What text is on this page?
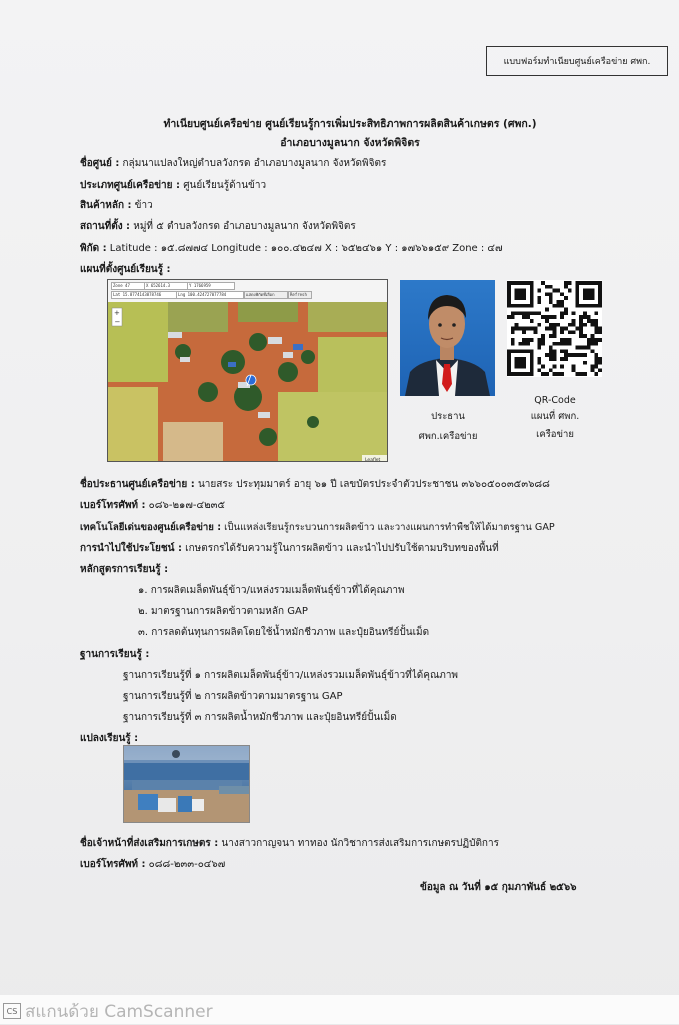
แบบฟอร์มทำเนียบศูนย์เครือข่าย ศพก.
ทำเนียบศูนย์เครือข่าย ศูนย์เรียนรู้การเพิ่มประสิทธิภาพการผลิตสินค้าเกษตร (ศพก.)
อำเภอบางมูลนาก จังหวัดพิจิตร
ชื่อศูนย์ : กลุ่มนาแปลงใหญ่ตำบลวังกรด อำเภอบางมูลนาก จังหวัดพิจิตร
ประเภทศูนย์เครือข่าย : ศูนย์เรียนรู้ด้านข้าว
สินค้าหลัก : ข้าว
สถานที่ตั้ง : หมู่ที่ ๕ ตำบลวังกรด อำเภอบางมูลนาก จังหวัดพิจิตร
พิกัด : Latitude : ๑๕.๘๗๗๔ Longitude : ๑๐๐.๔๒๔๗ X : ๖๕๒๔๖๑ Y : ๑๗๖๖๑๕๙ Zone : ๔๗
แผนที่ตั้งศูนย์เรียนรู้ :
Zone 47	X 652614.3	Y 1766959
Lat 15.8774143878746	Lng 100.424727077784	แสดงพิกัดที่เลือก	Refresh
Leaflet
+
−
ประธาน
ศพก.เครือข่าย
QR-Code
แผนที่ ศพก.
เครือข่าย
ชื่อประธานศูนย์เครือข่าย : นายสระ ประทุมมาตร์ อายุ ๖๑ ปี เลขบัตรประจำตัวประชาชน ๓๖๖๐๕๐๐๓๕๓๖๘๘
เบอร์โทรศัพท์ : ๐๘๖-๒๑๗-๔๒๓๕
เทคโนโลยีเด่นของศูนย์เครือข่าย : เป็นแหล่งเรียนรู้กระบวนการผลิตข้าว และวางแผนการทำพืชให้ได้มาตรฐาน GAP
การนำไปใช้ประโยชน์ : เกษตรกรได้รับความรู้ในการผลิตข้าว และนำไปปรับใช้ตามบริบทของพื้นที่
หลักสูตรการเรียนรู้ :
๑. การผลิตเมล็ดพันธุ์ข้าว/แหล่งรวมเมล็ดพันธุ์ข้าวที่ได้คุณภาพ
๒. มาตรฐานการผลิตข้าวตามหลัก GAP
๓. การลดต้นทุนการผลิตโดยใช้น้ำหมักชีวภาพ และปุ๋ยอินทรีย์ปั้นเม็ด
ฐานการเรียนรู้ :
ฐานการเรียนรู้ที่ ๑ การผลิตเมล็ดพันธุ์ข้าว/แหล่งรวมเมล็ดพันธุ์ข้าวที่ได้คุณภาพ
ฐานการเรียนรู้ที่ ๒ การผลิตข้าวตามมาตรฐาน GAP
ฐานการเรียนรู้ที่ ๓ การผลิตน้ำหมักชีวภาพ และปุ๋ยอินทรีย์ปั้นเม็ด
แปลงเรียนรู้ :
ชื่อเจ้าหน้าที่ส่งเสริมการเกษตร : นางสาวกาญจนา ทาทอง นักวิชาการส่งเสริมการเกษตรปฏิบัติการ
เบอร์โทรศัพท์ : ๐๘๘-๒๓๓-๐๔๖๗
ข้อมูล ณ วันที่ ๑๕ กุมภาพันธ์ ๒๕๖๖
CS สแกนด้วย CamScanner
